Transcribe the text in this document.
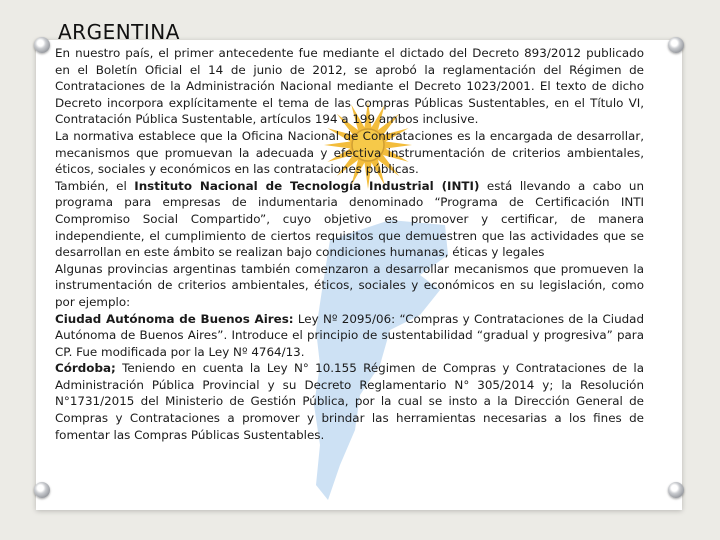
ARGENTINA

En nuestro país, el primer antecedente fue mediante el dictado del Decreto 893/2012 publicado en el Boletín Oficial el 14 de junio de 2012, se aprobó la reglamentación del Régimen de Contrataciones de la Administración Nacional mediante el Decreto 1023/2001. El texto de dicho Decreto incorpora explícitamente el tema de las Compras Públicas Sustentables, en el Título VI, Contratación Pública Sustentable, artículos 194 a 199 ambos inclusive.

La normativa establece que la Oficina Nacional de Contrataciones es la encargada de desarrollar, mecanismos que promuevan la adecuada y efectiva instrumentación de criterios ambientales, éticos, sociales y económicos en las contrataciones públicas.

También, el Instituto Nacional de Tecnología Industrial (INTI) está llevando a cabo un programa para empresas de indumentaria denominado “Programa de Certificación INTI Compromiso Social Compartido”, cuyo objetivo es promover y certificar, de manera independiente, el cumplimiento de ciertos requisitos que demuestren que las actividades que se desarrollan en este ámbito se realizan bajo condiciones humanas, éticas y legales

Algunas provincias argentinas también comenzaron a desarrollar mecanismos que promueven la instrumentación de criterios ambientales, éticos, sociales y económicos en su legislación, como por ejemplo:

Ciudad Autónoma de Buenos Aires: Ley Nº 2095/06: “Compras y Contrataciones de la Ciudad Autónoma de Buenos Aires”. Introduce el principio de sustentabilidad “gradual y progresiva” para CP. Fue modificada por la Ley Nº 4764/13.

Córdoba; Teniendo en cuenta la Ley N° 10.155 Régimen de Compras y Contrataciones de la Administración Pública Provincial y su Decreto Reglamentario N° 305/2014 y; la Resolución N°1731/2015 del Ministerio de Gestión Pública, por la cual se insto a la Dirección General de Compras y Contrataciones a promover y brindar las herramientas necesarias a los fines de fomentar las Compras Públicas Sustentables.
